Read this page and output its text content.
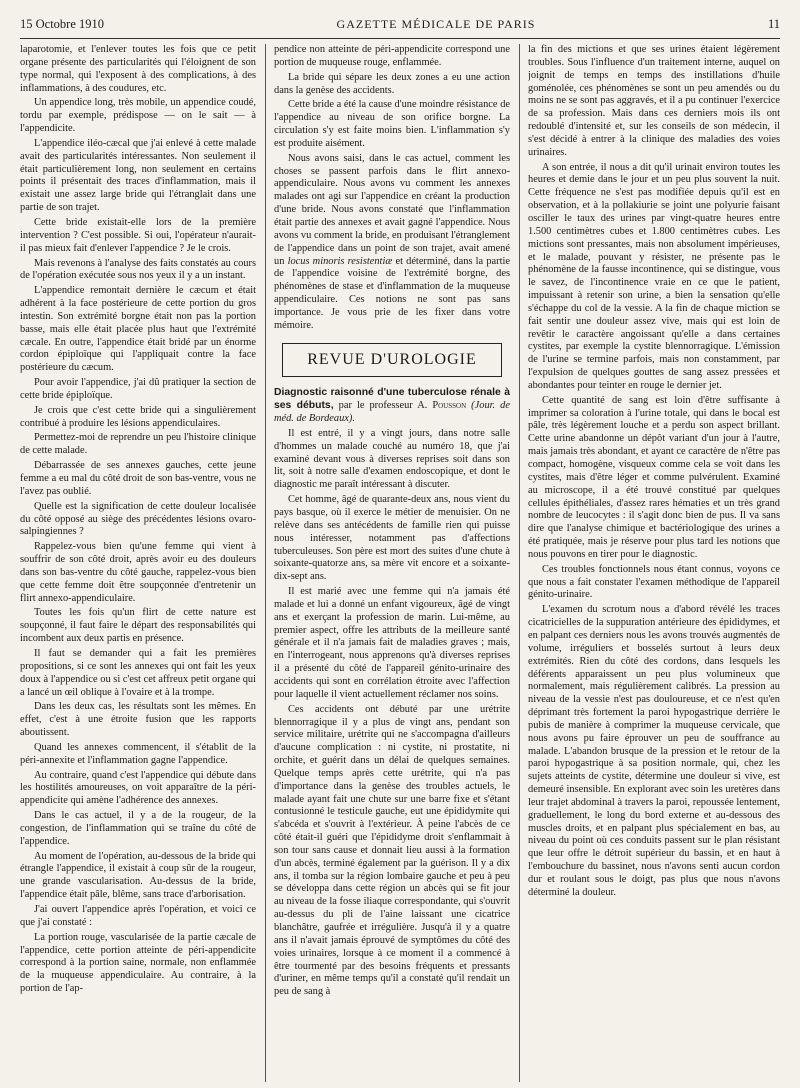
15 Octobre 1910	GAZETTE MÉDICALE DE PARIS	11

laparotomie, et l'enlever toutes les fois que ce petit organe présente des particularités qui l'éloignent de son type normal, qui l'exposent à des complications, à des inflammations, à des coudures, etc.

Un appendice long, très mobile, un appendice coudé, tordu par exemple, prédispose — on le sait — à l'appendicite.

L'appendice iléo-cæcal que j'ai enlevé à cette malade avait des particularités intéressantes. Non seulement il était particulièrement long, non seulement en certains points il présentait des traces d'inflammation, mais il existait une assez large bride qui l'étranglait dans une partie de son trajet.

Cette bride existait-elle lors de la première intervention ? C'est possible. Si oui, l'opérateur n'aurait-il pas mieux fait d'enlever l'appendice ? Je le crois.

Mais revenons à l'analyse des faits constatés au cours de l'opération exécutée sous nos yeux il y a un instant.

L'appendice remontait dernière le cæcum et était adhérent à la face postérieure de cette portion du gros intestin. Son extrémité borgne était non pas la portion basse, mais elle était placée plus haut que l'extrémité cæcale. En outre, l'appendice était bridé par un énorme cordon épiploïque qui l'appliquait contre la face postérieure du cæcum.

Pour avoir l'appendice, j'ai dû pratiquer la section de cette bride épiploïque.

Je crois que c'est cette bride qui a singulièrement contribué à produire les lésions appendiculaires.

Permettez-moi de reprendre un peu l'histoire clinique de cette malade.

Débarrassée de ses annexes gauches, cette jeune femme a eu mal du côté droit de son bas-ventre, vous ne l'avez pas oublié.

Quelle est la signification de cette douleur localisée du côté opposé au siège des précédentes lésions ovaro-salpingiennes ?

Rappelez-vous bien qu'une femme qui vient à souffrir de son côté droit, après avoir eu des douleurs dans son bas-ventre du côté gauche, rappelez-vous bien que cette femme doit être soupçonnée d'entretenir un flirt annexo-appendiculaire.

Toutes les fois qu'un flirt de cette nature est soupçonné, il faut faire le départ des responsabilités qui incombent aux deux partis en présence.

Il faut se demander qui a fait les premières propositions, si ce sont les annexes qui ont fait les yeux doux à l'appendice ou si c'est cet affreux petit organe qui a lancé un œil oblique à l'ovaire et à la trompe.

Dans les deux cas, les résultats sont les mêmes. En effet, c'est à une étroite fusion que les rapports aboutissent.

Quand les annexes commencent, il s'établit de la péri-annexite et l'inflammation gagne l'appendice.

Au contraire, quand c'est l'appendice qui débute dans les hostilités amoureuses, on voit apparaître de la péri-appendicite qui amène l'adhérence des annexes.

Dans le cas actuel, il y a de la rougeur, de la congestion, de l'inflammation qui se traîne du côté de l'appendice.

Au moment de l'opération, au-dessous de la bride qui étrangle l'appendice, il existait à coup sûr de la rougeur, une grande vascularisation. Au-dessus de la bride, l'appendice était pâle, blême, sans trace d'arborisation.

J'ai ouvert l'appendice après l'opération, et voici ce que j'ai constaté :

La portion rouge, vascularisée de la partie cæcale de l'appendice, cette portion atteinte de péri-appendicite correspond à la portion saine, normale, non enflammée de la muqueuse appendiculaire. Au contraire, à la portion de l'ap-

pendice non atteinte de péri-appendicite correspond une portion de muqueuse rouge, enflammée.

La bride qui sépare les deux zones a eu une action dans la genèse des accidents.

Cette bride a été la cause d'une moindre résistance de l'appendice au niveau de son orifice borgne. La circulation s'y est faite moins bien. L'inflammation s'y est produite aisément.

Nous avons saisi, dans le cas actuel, comment les choses se passent parfois dans le flirt annexo-appendiculaire. Nous avons vu comment les annexes malades ont agi sur l'appendice en créant la production d'une bride. Nous avons constaté que l'inflammation était partie des annexes et avait gagné l'appendice. Nous avons vu comment la bride, en produisant l'étranglement de l'appendice dans un point de son trajet, avait amené un locus minoris resistentiæ et déterminé, dans la partie de l'appendice voisine de l'extrémité borgne, des phénomènes de stase et d'inflammation de la muqueuse appendiculaire. Ces notions ne sont pas sans importance. Je vous prie de les fixer dans votre mémoire.

REVUE D'UROLOGIE

Diagnostic raisonné d'une tuberculose rénale à ses débuts, par le professeur A. Pousson (Jour. de méd. de Bordeaux).

Il est entré, il y a vingt jours, dans notre salle d'hommes un malade couché au numéro 18, que j'ai examiné devant vous à diverses reprises soit dans son lit, soit à notre salle d'examen endoscopique, et dont le diagnostic me paraît intéressant à discuter.

Cet homme, âgé de quarante-deux ans, nous vient du pays basque, où il exerce le métier de menuisier. On ne relève dans ses antécédents de famille rien qui puisse nous intéresser, notamment pas d'affections tuberculeuses. Son père est mort des suites d'une chute à soixante-quatorze ans, sa mère vit encore et a soixante-dix-sept ans.

Il est marié avec une femme qui n'a jamais été malade et lui a donné un enfant vigoureux, âgé de vingt ans et exerçant la profession de marin. Lui-même, au premier aspect, offre les attributs de la meilleure santé générale et il n'a jamais fait de maladies graves ; mais, en l'interrogeant, nous apprenons qu'à diverses reprises il a présenté du côté de l'appareil génito-urinaire des accidents qui sont en corrélation étroite avec l'affection pour laquelle il vient actuellement réclamer nos soins.

Ces accidents ont débuté par une urétrite blennorragique il y a plus de vingt ans, pendant son service militaire, urétrite qui ne s'accompagna d'ailleurs d'aucune complication : ni cystite, ni prostatite, ni orchite, et guérit dans un délai de quelques semaines. Quelque temps après cette urétrite, qui n'a pas d'importance dans la genèse des troubles actuels, le malade ayant fait une chute sur une barre fixe et s'étant contusionné le testicule gauche, eut une épididymite qui s'abcéda et s'ouvrit à l'extérieur. À peine l'abcès de ce côté était-il guéri que l'épididyme droit s'enflammait à son tour sans cause et donnait lieu aussi à la formation d'un abcès, terminé également par la guérison. Il y a dix ans, il tomba sur la région lombaire gauche et peu à peu se développa dans cette région un abcès qui se fit jour au niveau de la fosse iliaque correspondante, qui s'ouvrit au-dessus du pli de l'aine laissant une cicatrice blanchâtre, gaufrée et irrégulière. Jusqu'à il y a quatre ans il n'avait jamais éprouvé de symptômes du côté des voies urinaires, lorsque à ce moment il a commencé à être tourmenté par des besoins fréquents et pressants d'uriner, en même temps qu'il a constaté qu'il rendait un peu de sang à

la fin des mictions et que ses urines étaient légèrement troubles. Sous l'influence d'un traitement interne, auquel on joignit de temps en temps des instillations d'huile goménolée, ces phénomènes se sont un peu amendés ou du moins ne se sont pas aggravés, et il a pu continuer l'exercice de sa profession. Mais dans ces derniers mois ils ont redoublé d'intensité et, sur les conseils de son médecin, il s'est décidé à entrer à la clinique des maladies des voies urinaires.

A son entrée, il nous a dit qu'il urinait environ toutes les heures et demie dans le jour et un peu plus souvent la nuit. Cette fréquence ne s'est pas modifiée depuis qu'il est en observation, et à la pollakiurie se joint une polyurie faisant osciller le taux des urines par vingt-quatre heures entre 1.500 centimètres cubes et 1.800 centimètres cubes. Les mictions sont pressantes, mais non absolument impérieuses, et le malade, pouvant y résister, ne présente pas le phénomène de la fausse incontinence, qui se distingue, vous le savez, de l'incontinence vraie en ce que le patient, impuissant à retenir son urine, a bien la sensation qu'elle s'échappe du col de la vessie. A la fin de chaque miction se fait sentir une douleur assez vive, mais qui est loin de revêtir le caractère angoissant qu'elle a dans certaines cystites, par exemple la cystite blennorragique. L'émission de l'urine se termine parfois, mais non constamment, par l'expulsion de quelques gouttes de sang assez pressées et abondantes pour teinter en rouge le dernier jet.

Cette quantité de sang est loin d'être suffisante à imprimer sa coloration à l'urine totale, qui dans le bocal est pâle, très légèrement louche et a perdu son aspect brillant. Cette urine abandonne un dépôt variant d'un jour à l'autre, mais jamais très abondant, et ayant ce caractère de n'être pas compact, homogène, visqueux comme cela se voit dans les cystites, mais d'être léger et comme pulvérulent. Examiné au microscope, il a été trouvé constitué par quelques cellules épithéliales, d'assez rares hématies et un très grand nombre de leucocytes : il s'agit donc bien de pus. Il va sans dire que l'analyse chimique et bactériologique des urines a été pratiquée, mais je réserve pour plus tard les notions que nous pouvons en tirer pour le diagnostic.

Ces troubles fonctionnels nous étant connus, voyons ce que nous a fait constater l'examen méthodique de l'appareil génito-urinaire.

L'examen du scrotum nous a d'abord révélé les traces cicatricielles de la suppuration antérieure des épididymes, et en palpant ces derniers nous les avons trouvés augmentés de volume, irréguliers et bosselés surtout à leurs deux extrémités. Rien du côté des cordons, dans lesquels les déférents apparaissent un peu plus volumineux que normalement, mais régulièrement calibrés. La pression au niveau de la vessie n'est pas douloureuse, et ce n'est qu'en déprimant très fortement la paroi hypogastrique derrière le pubis de manière à comprimer la muqueuse cervicale, que nous avons pu faire éprouver un peu de souffrance au malade. L'abandon brusque de la pression et le retour de la paroi hypogastrique à sa position normale, qui, chez les sujets atteints de cystite, détermine une douleur si vive, est demeuré insensible. En explorant avec soin les uretères dans leur trajet abdominal à travers la paroi, repoussée lentement, graduellement, le long du bord externe et au-dessous des muscles droits, et en palpant plus spécialement en bas, au niveau du point où ces conduits passent sur le plan résistant que leur offre le détroit supérieur du bassin, et en haut à l'embouchure du bassinet, nous n'avons senti aucun cordon dur et roulant sous le doigt, pas plus que nous n'avons déterminé la douleur.
